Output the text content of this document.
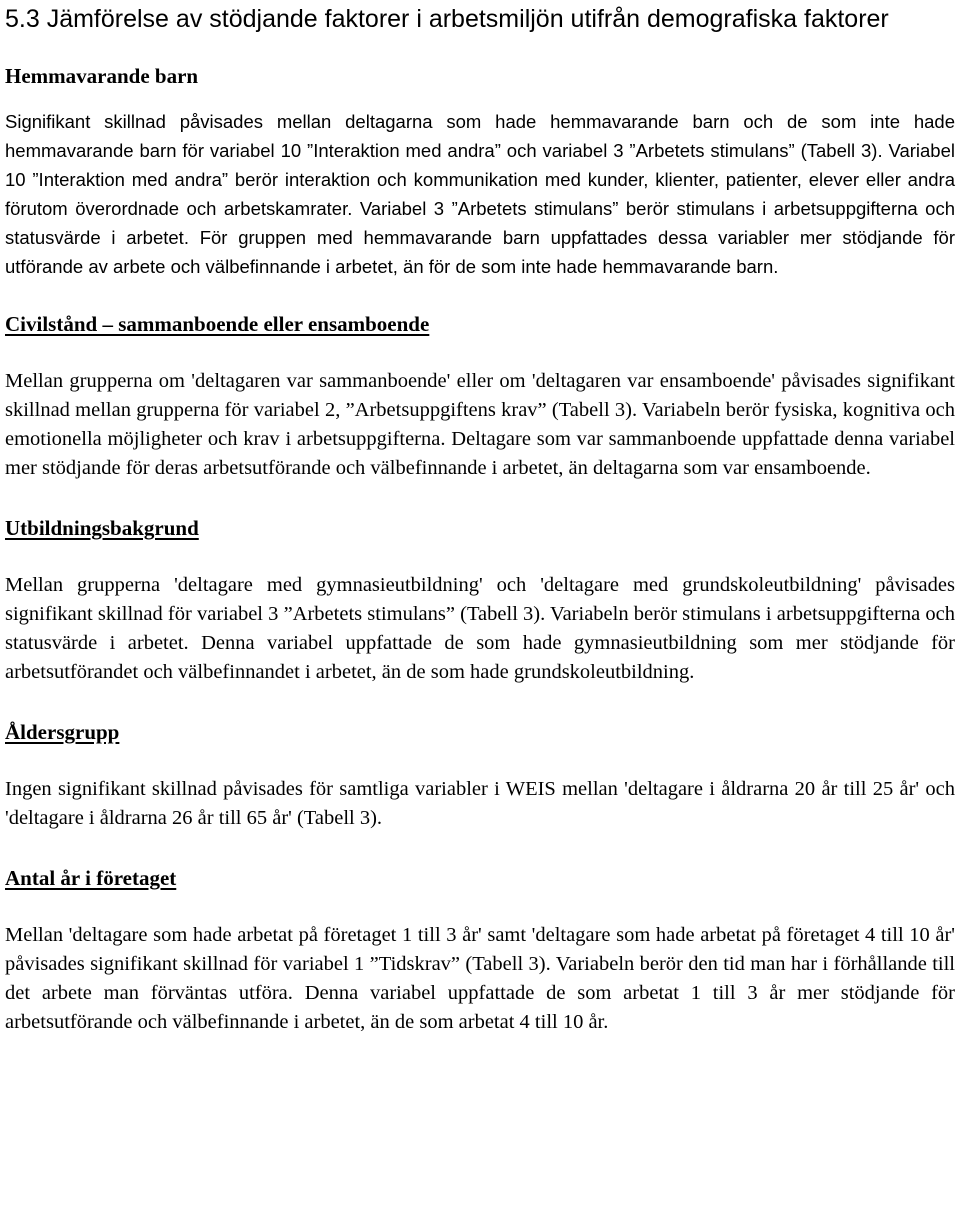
5.3 Jämförelse av stödjande faktorer i arbetsmiljön utifrån demografiska faktorer
Hemmavarande barn

Signifikant skillnad påvisades mellan deltagarna som hade hemmavarande barn och de som inte hade hemmavarande barn för variabel 10 ”Interaktion med andra” och variabel 3 ”Arbetets stimulans” (Tabell 3). Variabel 10 ”Interaktion med andra” berör interaktion och kommunikation med kunder, klienter, patienter, elever eller andra förutom överordnade och arbetskamrater. Variabel 3 ”Arbetets stimulans” berör stimulans i arbetsuppgifterna och statusvärde i arbetet. För gruppen med hemmavarande barn uppfattades dessa variabler mer stödjande för utförande av arbete och välbefinnande i arbetet, än för de som inte hade hemmavarande barn.

Civilstånd – sammanboende eller ensamboende

Mellan grupperna om 'deltagaren var sammanboende' eller om 'deltagaren var ensamboende' påvisades signifikant skillnad mellan grupperna för variabel 2, ”Arbetsuppgiftens krav” (Tabell 3). Variabeln berör fysiska, kognitiva och emotionella möjligheter och krav i arbetsuppgifterna. Deltagare som var sammanboende uppfattade denna variabel mer stödjande för deras arbetsutförande och välbefinnande i arbetet, än deltagarna som var ensamboende.

Utbildningsbakgrund

Mellan grupperna 'deltagare med gymnasieutbildning' och 'deltagare med grundskoleutbildning' påvisades signifikant skillnad för variabel 3 ”Arbetets stimulans” (Tabell 3). Variabeln berör stimulans i arbetsuppgifterna och statusvärde i arbetet. Denna variabel uppfattade de som hade gymnasieutbildning som mer stödjande för arbetsutförandet och välbefinnandet i arbetet, än de som hade grundskoleutbildning.

Åldersgrupp

Ingen signifikant skillnad påvisades för samtliga variabler i WEIS mellan 'deltagare i åldrarna 20 år till 25 år' och 'deltagare i åldrarna 26 år till 65 år' (Tabell 3).

Antal år i företaget

Mellan 'deltagare som hade arbetat på företaget 1 till 3 år' samt 'deltagare som hade arbetat på företaget 4 till 10 år' påvisades signifikant skillnad för variabel 1 ”Tidskrav” (Tabell 3). Variabeln berör den tid man har i förhållande till det arbete man förväntas utföra. Denna variabel uppfattade de som arbetat 1 till 3 år mer stödjande för arbetsutförande och välbefinnande i arbetet, än de som arbetat 4 till 10 år.
